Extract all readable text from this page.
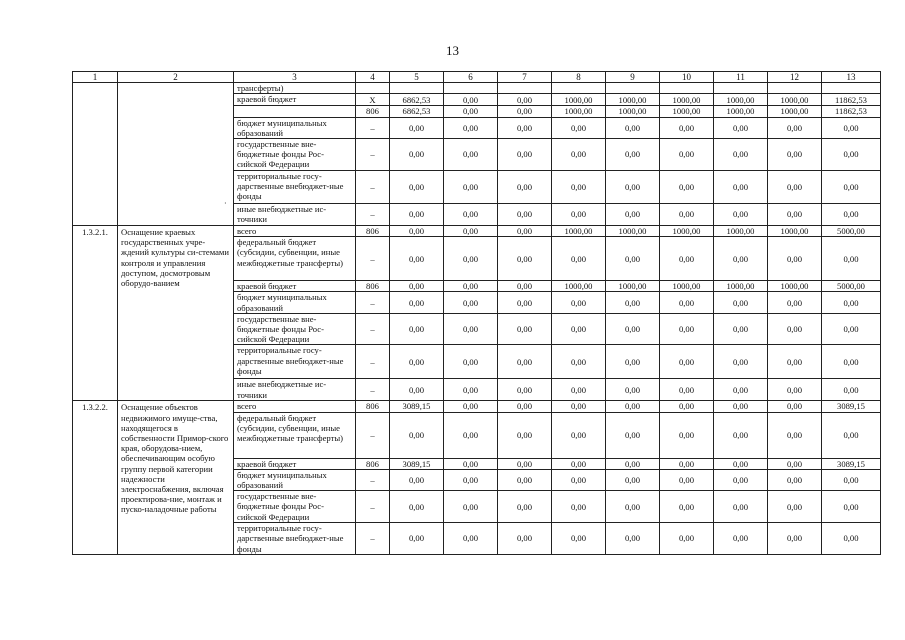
13
1	2	3	4	5	6	7	8	9	10	11	12	13
		трансферты)										
		краевой бюджет	X	6862,53	0,00	0,00	1000,00	1000,00	1000,00	1000,00	1000,00	11862,53
			806	6862,53	0,00	0,00	1000,00	1000,00	1000,00	1000,00	1000,00	11862,53
		бюджет муниципальных образований	–	0,00	0,00	0,00	0,00	0,00	0,00	0,00	0,00	0,00
		государственные вне-бюджетные фонды Рос-сийской Федерации	–	0,00	0,00	0,00	0,00	0,00	0,00	0,00	0,00	0,00
		территориальные госу-дарственные внебюджет-ные фонды	–	0,00	0,00	0,00	0,00	0,00	0,00	0,00	0,00	0,00
		иные внебюджетные ис-точники	–	0,00	0,00	0,00	0,00	0,00	0,00	0,00	0,00	0,00
1.3.2.1.	Оснащение краевых государственных учре-ждений культуры си-стемами контроля и управления доступом, досмотровым оборудо-ванием	всего	806	0,00	0,00	0,00	1000,00	1000,00	1000,00	1000,00	1000,00	5000,00
		федеральный бюджет (субсидии, субвенции, иные межбюджетные трансферты)	–	0,00	0,00	0,00	0,00	0,00	0,00	0,00	0,00	0,00
		краевой бюджет	806	0,00	0,00	0,00	1000,00	1000,00	1000,00	1000,00	1000,00	5000,00
		бюджет муниципальных образований	–	0,00	0,00	0,00	0,00	0,00	0,00	0,00	0,00	0,00
		государственные вне-бюджетные фонды Рос-сийской Федерации	–	0,00	0,00	0,00	0,00	0,00	0,00	0,00	0,00	0,00
		территориальные госу-дарственные внебюджет-ные фонды	–	0,00	0,00	0,00	0,00	0,00	0,00	0,00	0,00	0,00
		иные внебюджетные ис-точники	–	0,00	0,00	0,00	0,00	0,00	0,00	0,00	0,00	0,00
1.3.2.2.	Оснащение объектов недвижимого имуще-ства, находящегося в собственности Примор-ского края, оборудова-нием, обеспечивающим особую группу первой категории надежности электроснабжения, включая проектирова-ние, монтаж и пуско-наладочные работы	всего	806	3089,15	0,00	0,00	0,00	0,00	0,00	0,00	0,00	3089,15
		федеральный бюджет (субсидии, субвенции, иные межбюджетные трансферты)	–	0,00	0,00	0,00	0,00	0,00	0,00	0,00	0,00	0,00
		краевой бюджет	806	3089,15	0,00	0,00	0,00	0,00	0,00	0,00	0,00	3089,15
		бюджет муниципальных образований	–	0,00	0,00	0,00	0,00	0,00	0,00	0,00	0,00	0,00
		государственные вне-бюджетные фонды Рос-сийской Федерации	–	0,00	0,00	0,00	0,00	0,00	0,00	0,00	0,00	0,00
		территориальные госу-дарственные внебюджет-ные фонды	–	0,00	0,00	0,00	0,00	0,00	0,00	0,00	0,00	0,00
·
